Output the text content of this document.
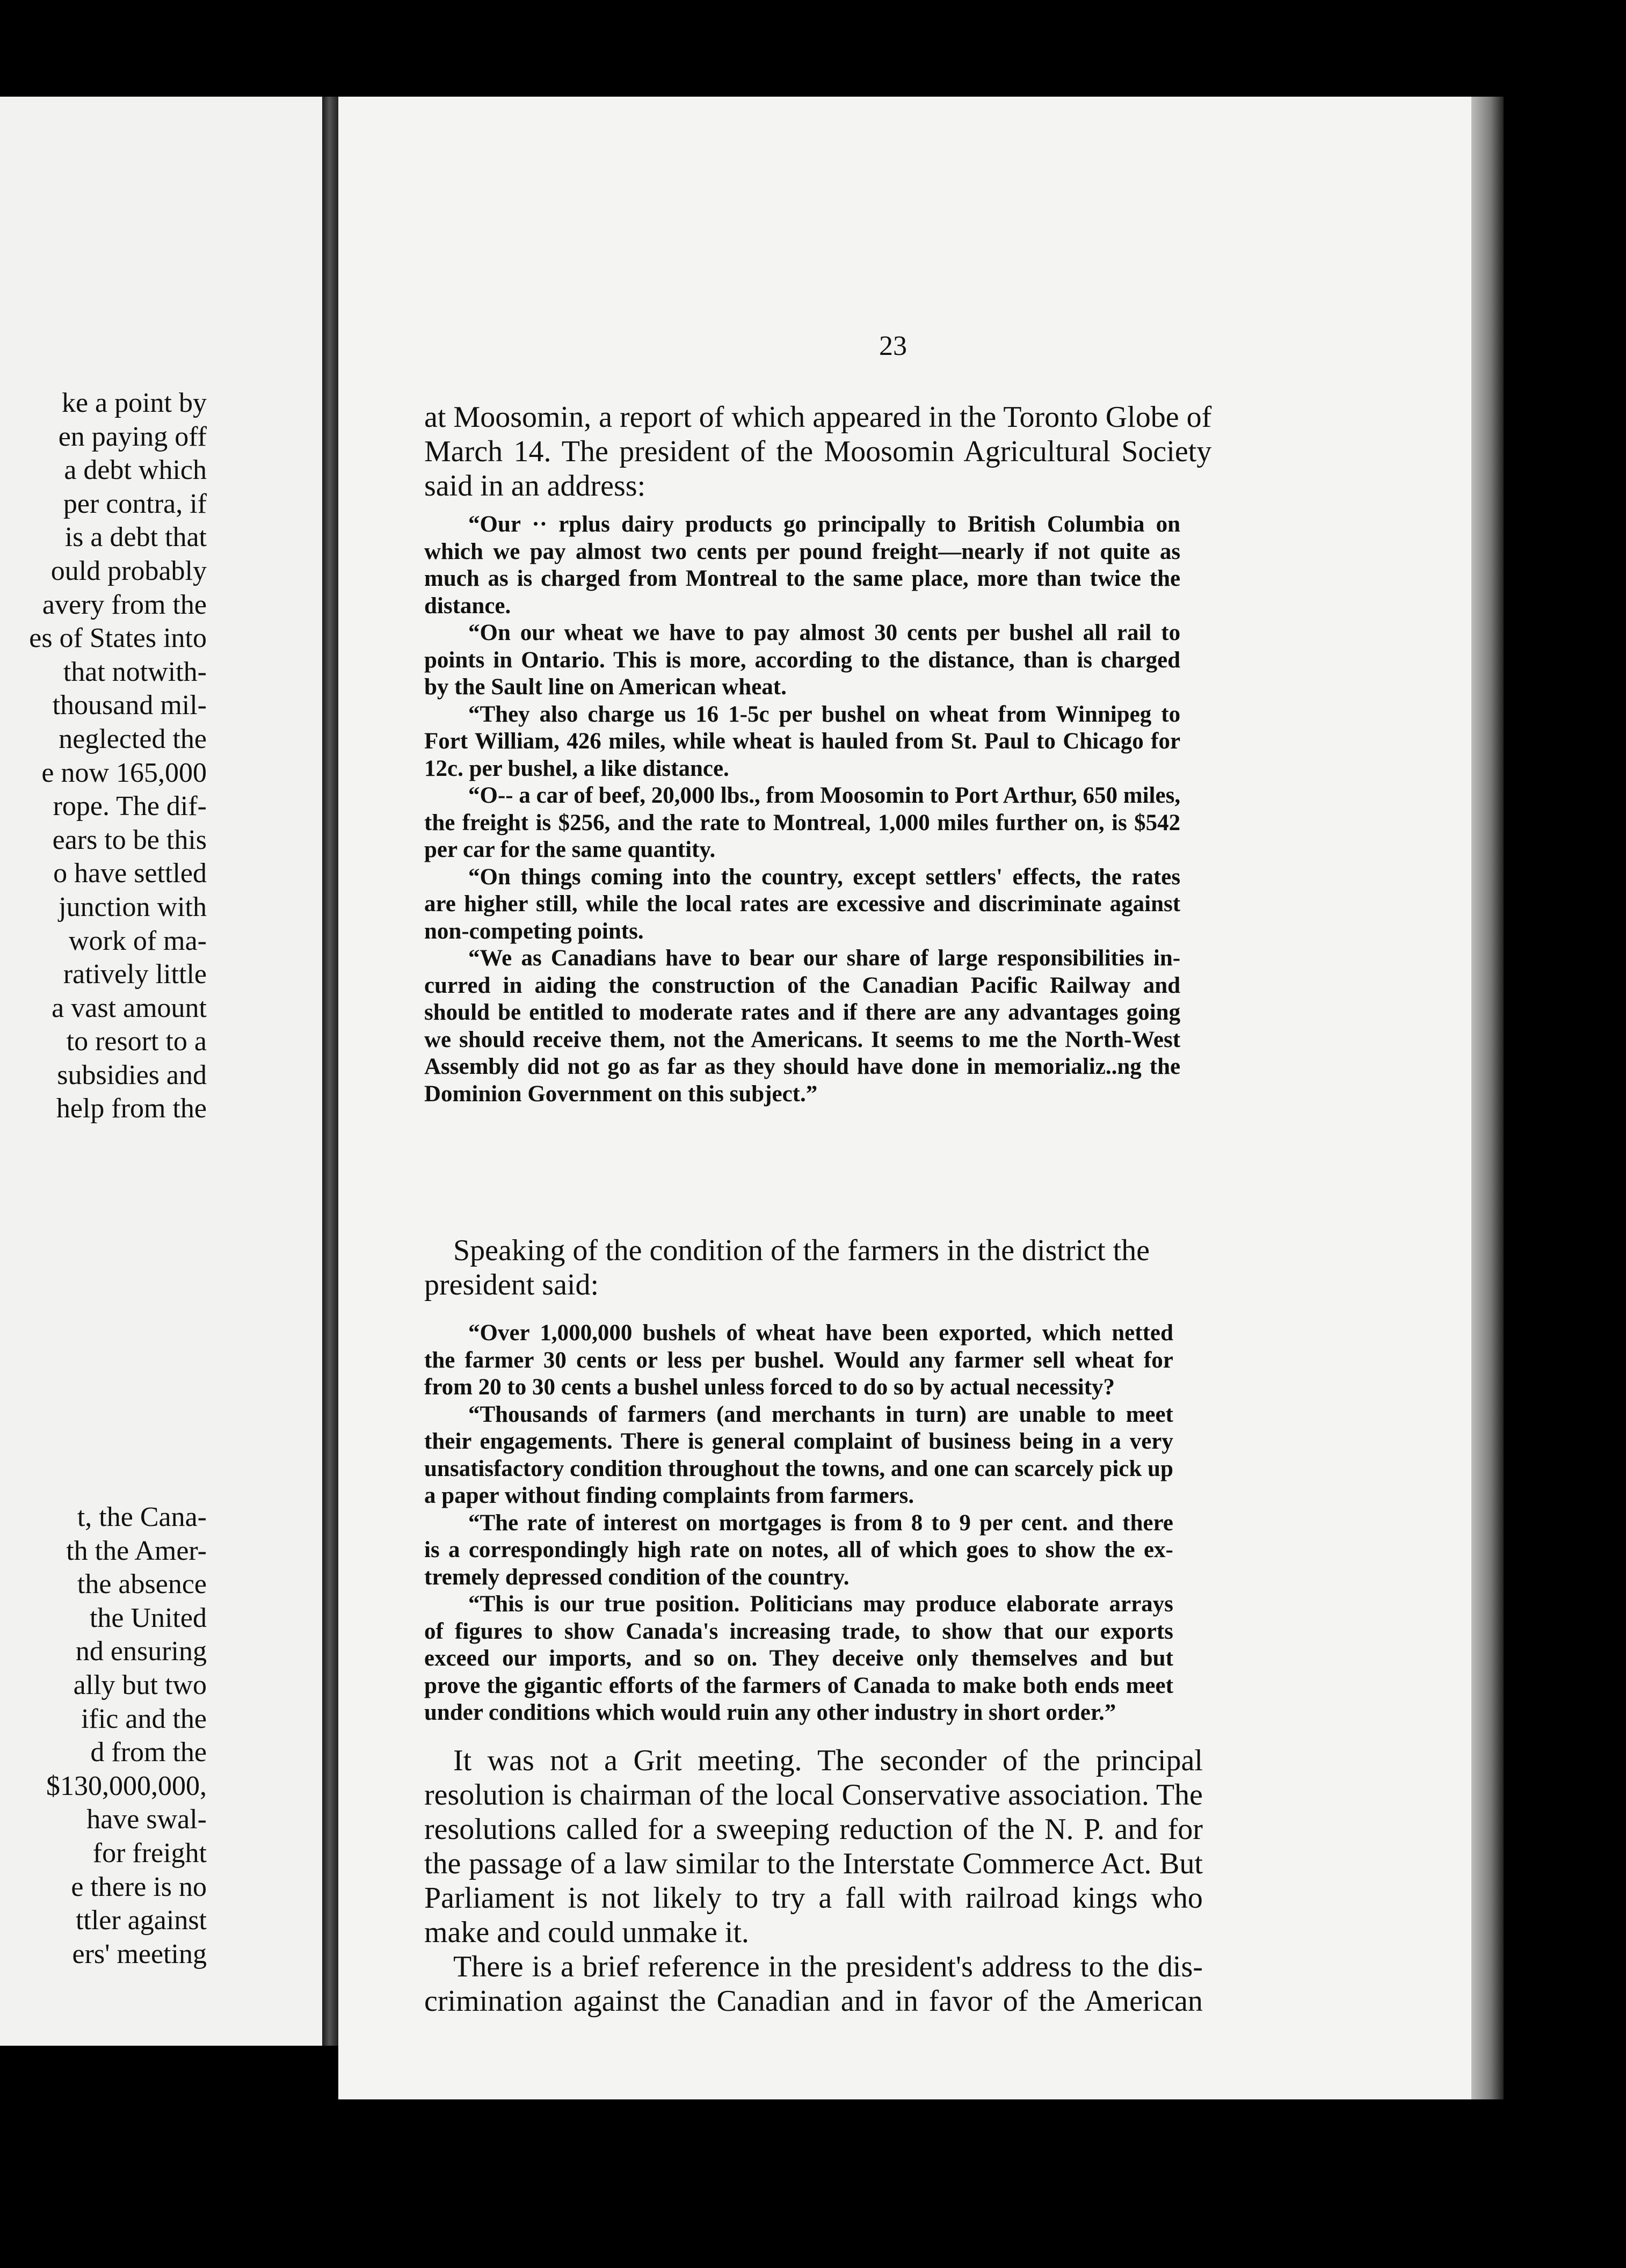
ke a point by
en paying off
a debt which
per contra, if
is a debt that
ould probably
avery from the
es of States into
that notwith-
thousand mil-
neglected the
e now 165,000
rope. The dif-
ears to be this
o have settled
junction with
work of ma-
ratively little
a vast amount
to resort to a
subsidies and
help from the
t, the Cana-
th the Amer-
the absence
the United
nd ensuring
ally but two
ific and the
d from the
$130,000,000,
have swal-
for freight
e there is no
ttler against
ers' meeting
23
at Moosomin, a report of which appeared in the Toronto Globe of
March 14. The president of the Moosomin Agricultural Society
said in an address:
“Our ·· rplus dairy products go principally to British Columbia on
which we pay almost two cents per pound freight—nearly if not quite as
much as is charged from Montreal to the same place, more than twice the
distance.
“On our wheat we have to pay almost 30 cents per bushel all rail to
points in Ontario. This is more, according to the distance, than is charged
by the Sault line on American wheat.
“They also charge us 16 1-5c per bushel on wheat from Winnipeg to
Fort William, 426 miles, while wheat is hauled from St. Paul to Chicago for
12c. per bushel, a like distance.
“O-- a car of beef, 20,000 lbs., from Moosomin to Port Arthur, 650 miles,
the freight is $256, and the rate to Montreal, 1,000 miles further on, is $542
per car for the same quantity.
“On things coming into the country, except settlers' effects, the rates
are higher still, while the local rates are excessive and discriminate against
non-competing points.
“We as Canadians have to bear our share of large responsibilities in-
curred in aiding the construction of the Canadian Pacific Railway and
should be entitled to moderate rates and if there are any advantages going
we should receive them, not the Americans. It seems to me the North-West
Assembly did not go as far as they should have done in memorializ..ng the
Dominion Government on this subject.”
Speaking of the condition of the farmers in the district the
president said:
“Over 1,000,000 bushels of wheat have been exported, which netted
the farmer 30 cents or less per bushel. Would any farmer sell wheat for
from 20 to 30 cents a bushel unless forced to do so by actual necessity?
“Thousands of farmers (and merchants in turn) are unable to meet
their engagements. There is general complaint of business being in a very
unsatisfactory condition throughout the towns, and one can scarcely pick up
a paper without finding complaints from farmers.
“The rate of interest on mortgages is from 8 to 9 per cent. and there
is a correspondingly high rate on notes, all of which goes to show the ex-
tremely depressed condition of the country.
“This is our true position. Politicians may produce elaborate arrays
of figures to show Canada's increasing trade, to show that our exports
exceed our imports, and so on. They deceive only themselves and but
prove the gigantic efforts of the farmers of Canada to make both ends meet
under conditions which would ruin any other industry in short order.”
It was not a Grit meeting. The seconder of the principal
resolution is chairman of the local Conservative association. The
resolutions called for a sweeping reduction of the N. P. and for
the passage of a law similar to the Interstate Commerce Act. But
Parliament is not likely to try a fall with railroad kings who
make and could unmake it.
There is a brief reference in the president's address to the dis-
crimination against the Canadian and in favor of the American
